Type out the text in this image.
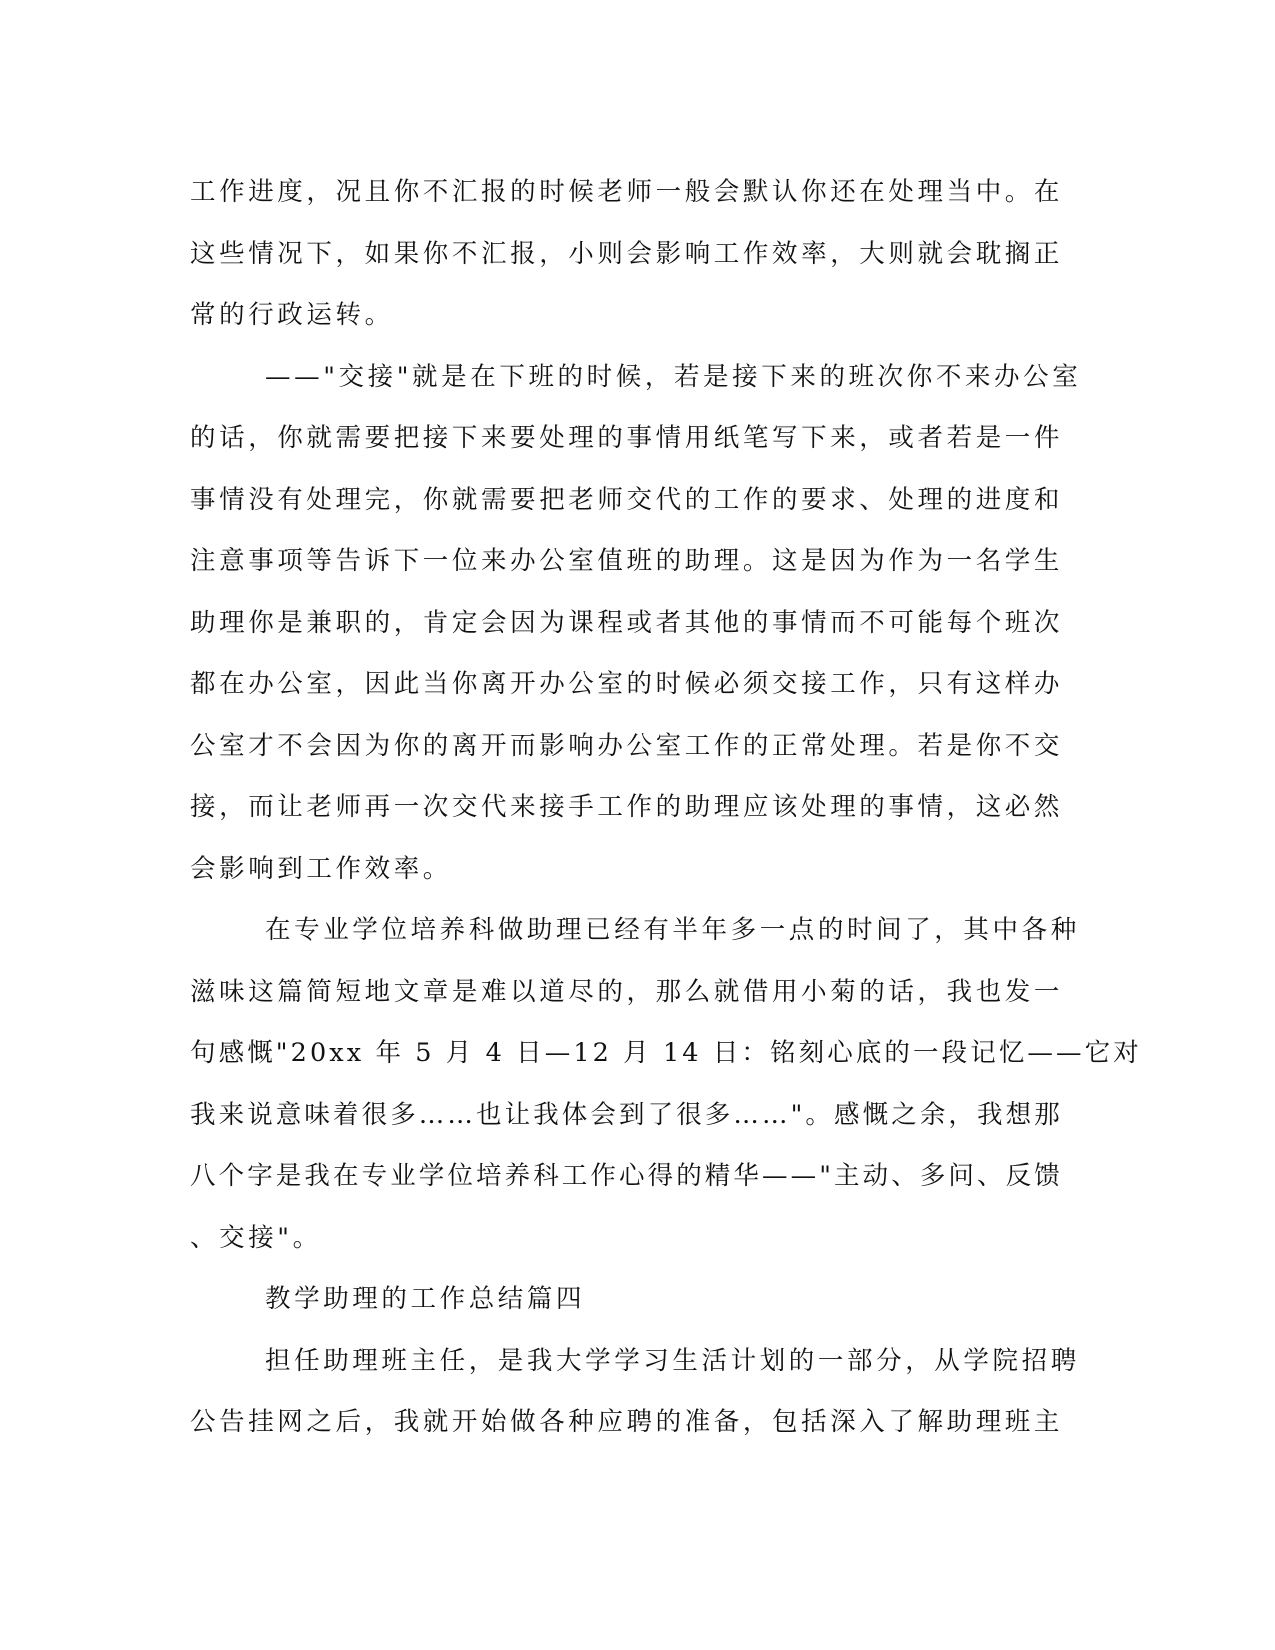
工作进度，况且你不汇报的时候老师一般会默认你还在处理当中。在
这些情况下，如果你不汇报，小则会影响工作效率，大则就会耽搁正
常的行政运转。
——"交接"就是在下班的时候，若是接下来的班次你不来办公室
的话，你就需要把接下来要处理的事情用纸笔写下来，或者若是一件
事情没有处理完，你就需要把老师交代的工作的要求、处理的进度和
注意事项等告诉下一位来办公室值班的助理。这是因为作为一名学生
助理你是兼职的，肯定会因为课程或者其他的事情而不可能每个班次
都在办公室，因此当你离开办公室的时候必须交接工作，只有这样办
公室才不会因为你的离开而影响办公室工作的正常处理。若是你不交
接，而让老师再一次交代来接手工作的助理应该处理的事情，这必然
会影响到工作效率。
在专业学位培养科做助理已经有半年多一点的时间了，其中各种
滋味这篇简短地文章是难以道尽的，那么就借用小菊的话，我也发一
句感慨"20xx 年 5 月 4 日—12 月 14 日：铭刻心底的一段记忆——它对
我来说意味着很多……也让我体会到了很多……"。感慨之余，我想那
八个字是我在专业学位培养科工作心得的精华——"主动、多问、反馈
、交接"。
教学助理的工作总结篇四
担任助理班主任，是我大学学习生活计划的一部分，从学院招聘
公告挂网之后，我就开始做各种应聘的准备，包括深入了解助理班主
